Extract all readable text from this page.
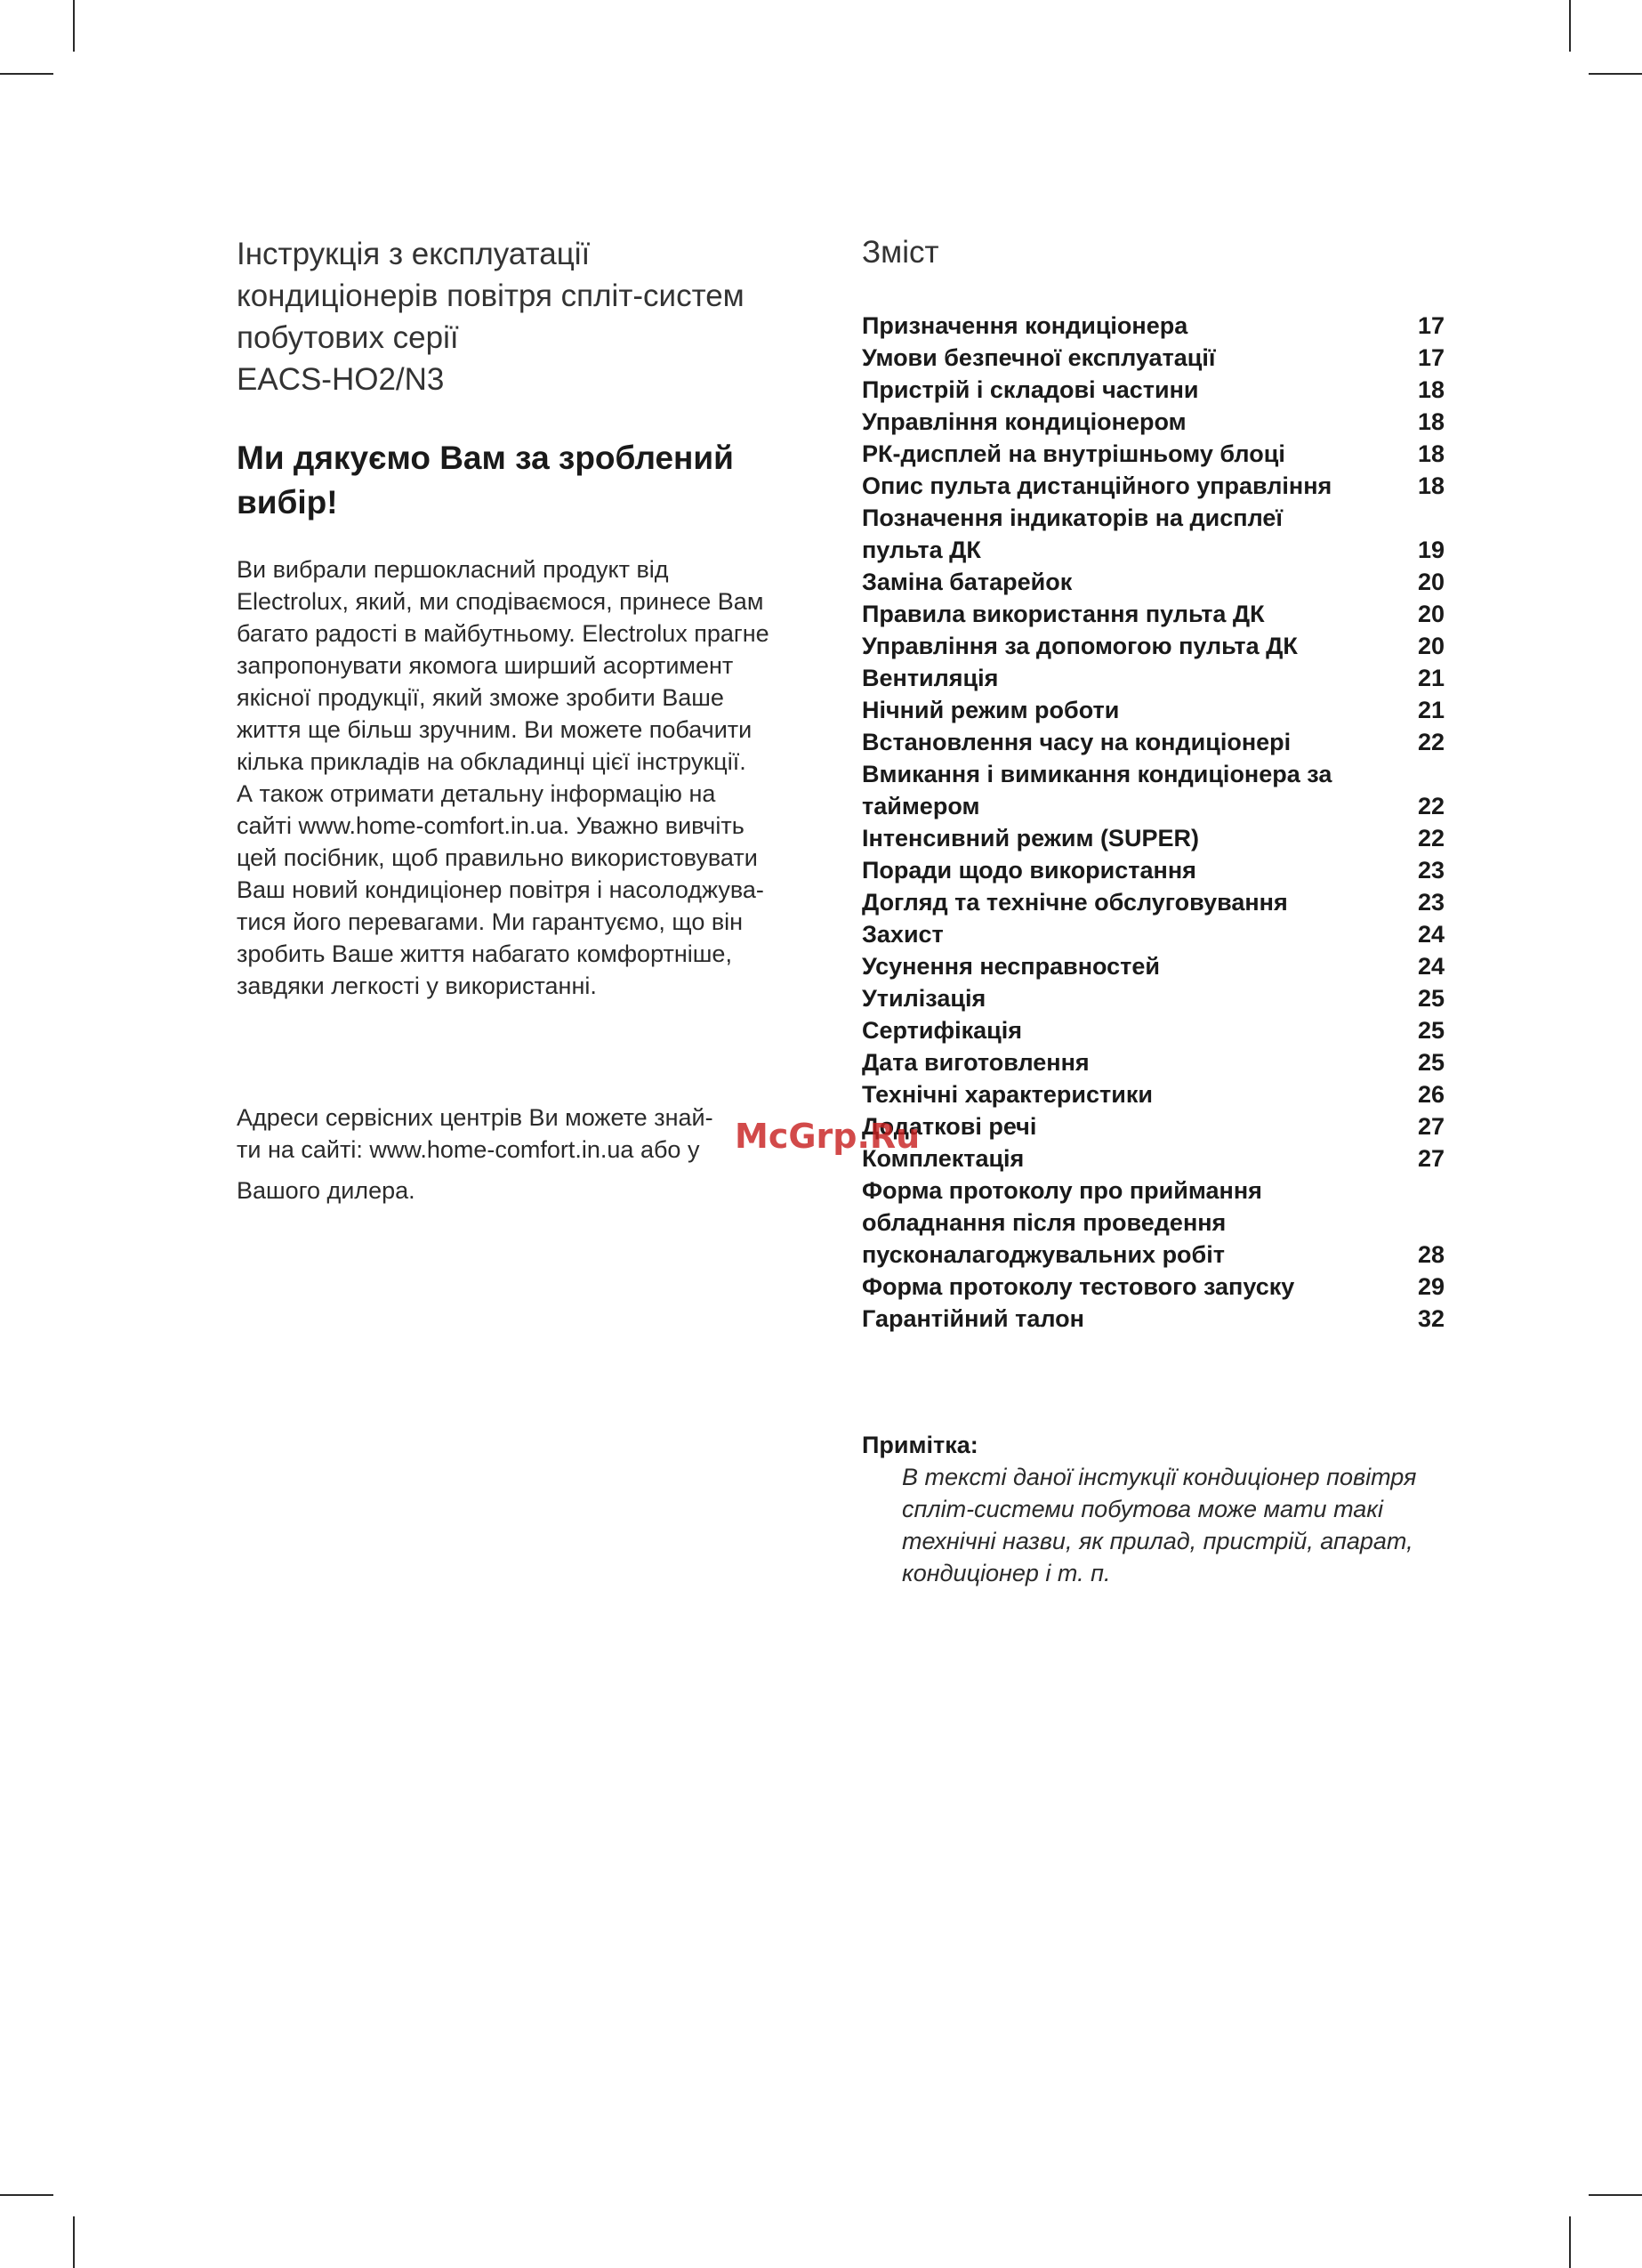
Інструкція з експлуатації
кондиціонерів повітря спліт-систем
побутових серії
EACS-HO2/N3
Ми дякуємо Вам за зроблений
вибір!
Ви вибрали першокласний продукт від
Electrolux, який, ми сподіваємося, принесе Вам
багато радості в майбутньому. Electrolux прагне
запропонувати якомога ширший асортимент
якісної продукції, який зможе зробити Ваше
життя ще більш зручним. Ви можете побачити
кілька прикладів на обкладинці цієї інструкції.
А також отримати детальну інформацію на
сайті www.home-comfort.in.ua. Уважно вивчіть
цей посібник, щоб правильно використовувати
Ваш новий кондиціонер повітря і насолоджува-
тися його перевагами. Ми гарантуємо, що він
зробить Ваше життя набагато комфортніше,
завдяки легкості у використанні.
Адреси сервісних центрів Ви можете знай-
ти на сайті: www.home-comfort.in.ua або у
Вашого дилера.
Зміст
Призначення кондиціонера	17
Умови безпечної експлуатації	17
Пристрій і складові частини	18
Управління кондиціонером	18
РК-дисплей на внутрішньому блоці	18
Опис пульта дистанційного управління	18
Позначення індикаторів на дисплеї
пульта ДК	19
Заміна батарейок	20
Правила використання пульта ДК	20
Управління за допомогою пульта ДК	20
Вентиляція	21
Нічний режим роботи	21
Встановлення часу на кондиціонері	22
Вмикання і вимикання кондиціонера за
таймером	22
Інтенсивний режим (SUPER)	22
Поради щодо використання	23
Догляд та технічне обслуговування	23
Захист	24
Усунення несправностей	24
Утилізація	25
Сертифікація	25
Дата виготовлення	25
Технічні характеристики	26
Додаткові речі	27
Комплектація	27
Форма протоколу про приймання
обладнання після проведення
пусконалагоджувальних робіт	28
Форма протоколу тестового запуску	29
Гарантійний талон	32
Примітка:
В тексті даної інстукції кондиціонер повітря
спліт-системи побутова може мати такі
технічні назви, як прилад, пристрій, апарат,
кондиціонер і т. п.
McGrp.Ru
